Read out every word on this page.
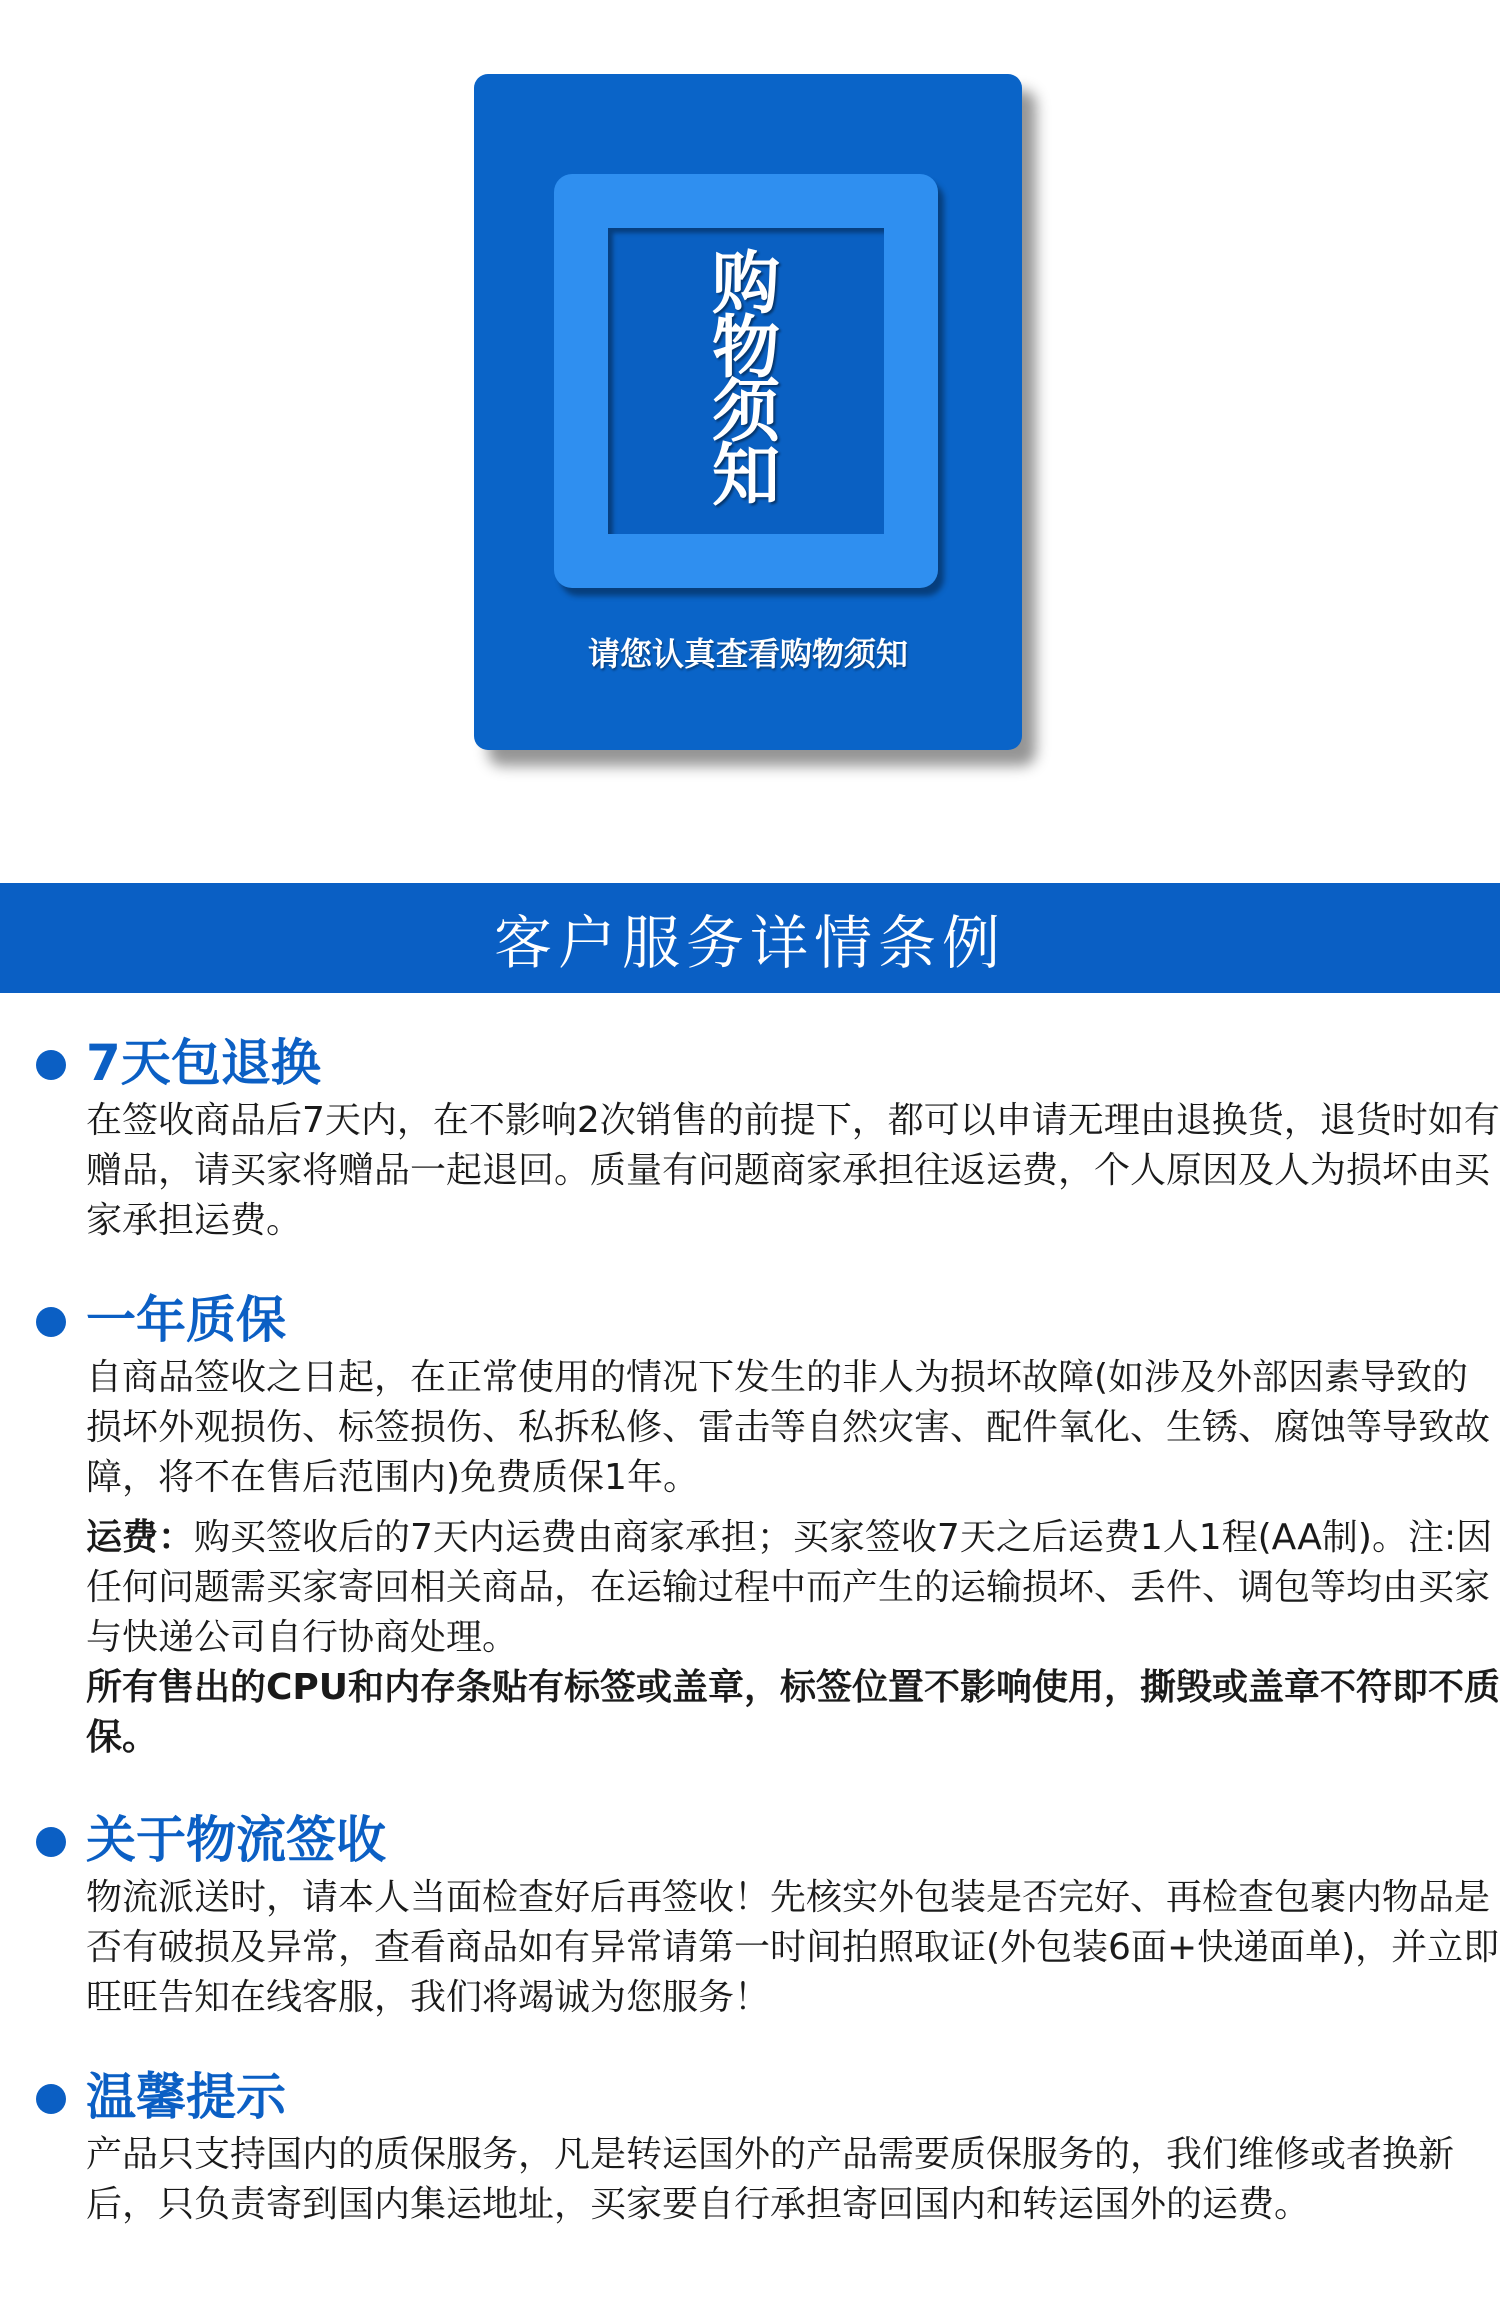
购物须知
请您认真查看购物须知
客户服务详情条例
7天包退换
在签收商品后7天内，在不影响2次销售的前提下，都可以申请无理由退换货，退货时如有赠品，请买家将赠品一起退回。质量有问题商家承担往返运费，个人原因及人为损坏由买家承担运费。
一年质保
自商品签收之日起，在正常使用的情况下发生的非人为损坏故障(如涉及外部因素导致的损坏外观损伤、标签损伤、私拆私修、雷击等自然灾害、配件氧化、生锈、腐蚀等导致故障，将不在售后范围内)免费质保1年。
运费：购买签收后的7天内运费由商家承担；买家签收7天之后运费1人1程(AA制)。注:因任何问题需买家寄回相关商品，在运输过程中而产生的运输损坏、丢件、调包等均由买家与快递公司自行协商处理。
所有售出的CPU和内存条贴有标签或盖章，标签位置不影响使用，撕毁或盖章不符即不质保。
关于物流签收
物流派送时，请本人当面检查好后再签收！先核实外包装是否完好、再检查包裹内物品是否有破损及异常，查看商品如有异常请第一时间拍照取证(外包装6面+快递面单)，并立即旺旺告知在线客服，我们将竭诚为您服务！
温馨提示
产品只支持国内的质保服务，凡是转运国外的产品需要质保服务的，我们维修或者换新后，只负责寄到国内集运地址，买家要自行承担寄回国内和转运国外的运费。
